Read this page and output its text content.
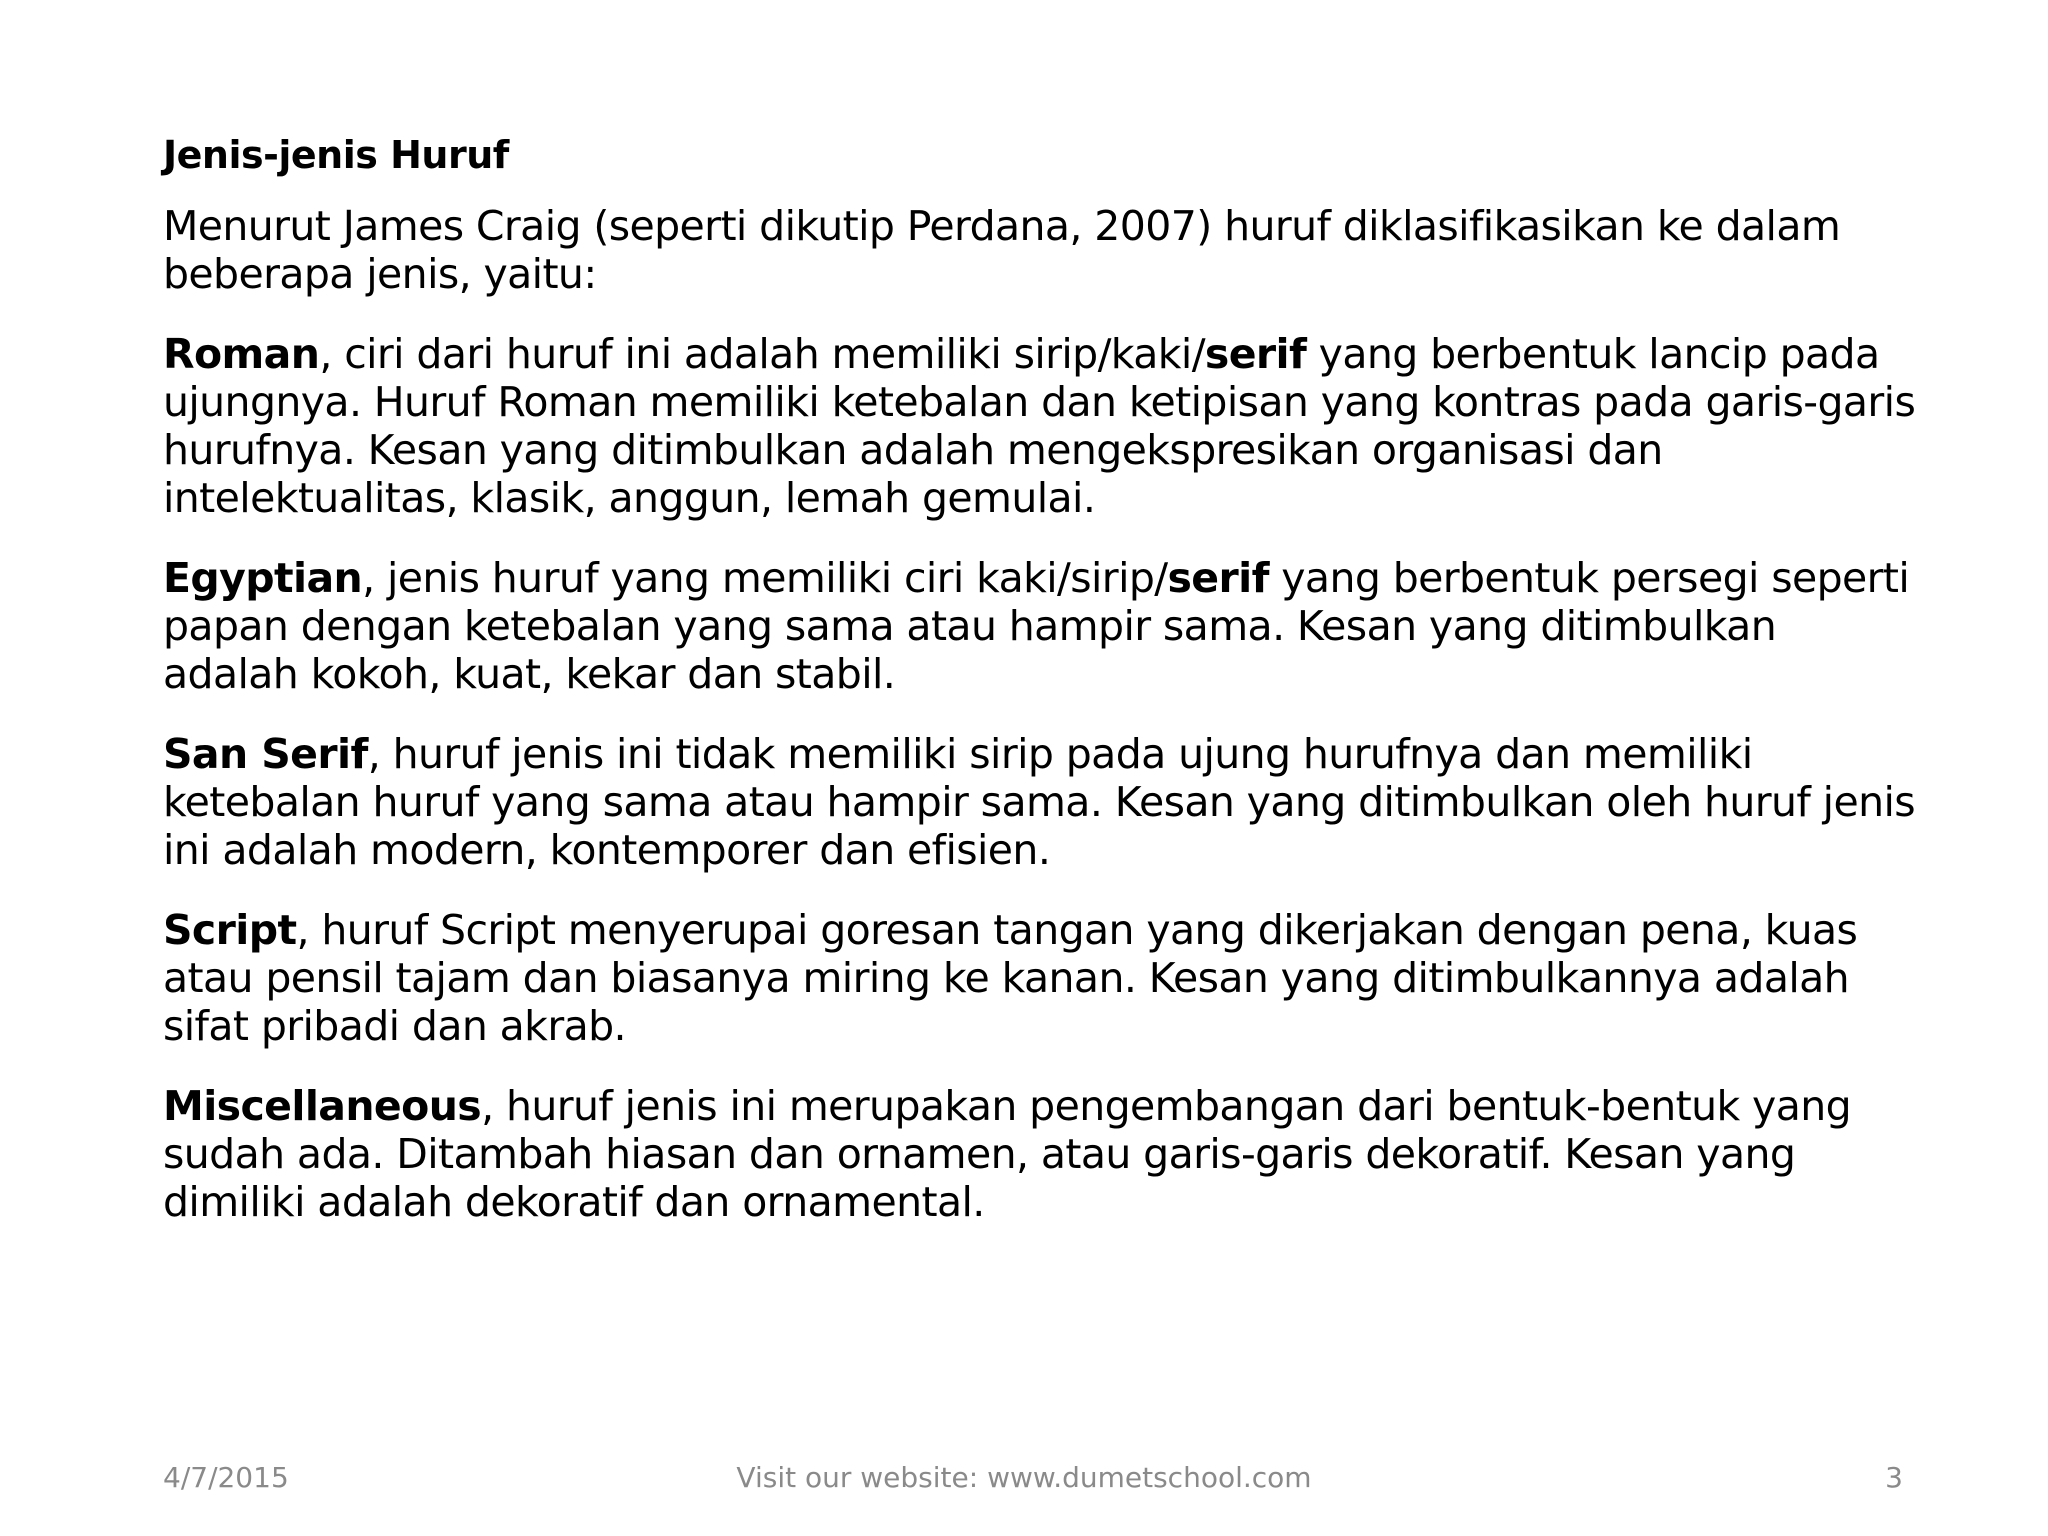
Jenis-jenis Huruf
Menurut James Craig (seperti dikutip Perdana, 2007) huruf diklasifikasikan ke dalam beberapa jenis, yaitu:
Roman, ciri dari huruf ini adalah memiliki sirip/kaki/serif yang berbentuk lancip pada ujungnya. Huruf Roman memiliki ketebalan dan ketipisan yang kontras pada garis-garis hurufnya. Kesan yang ditimbulkan adalah mengekspresikan organisasi dan intelektualitas, klasik, anggun, lemah gemulai.
Egyptian, jenis huruf yang memiliki ciri kaki/sirip/serif yang berbentuk persegi seperti papan dengan ketebalan yang sama atau hampir sama. Kesan yang ditimbulkan adalah kokoh, kuat, kekar dan stabil.
San Serif, huruf jenis ini tidak memiliki sirip pada ujung hurufnya dan memiliki ketebalan huruf yang sama atau hampir sama. Kesan yang ditimbulkan oleh huruf jenis ini adalah modern, kontemporer dan efisien.
Script, huruf Script menyerupai goresan tangan yang dikerjakan dengan pena, kuas atau pensil tajam dan biasanya miring ke kanan. Kesan yang ditimbulkannya adalah sifat pribadi dan akrab.
Miscellaneous, huruf jenis ini merupakan pengembangan dari bentuk-bentuk yang sudah ada. Ditambah hiasan dan ornamen, atau garis-garis dekoratif. Kesan yang dimiliki adalah dekoratif dan ornamental.
4/7/2015	Visit our website: www.dumetschool.com	3
